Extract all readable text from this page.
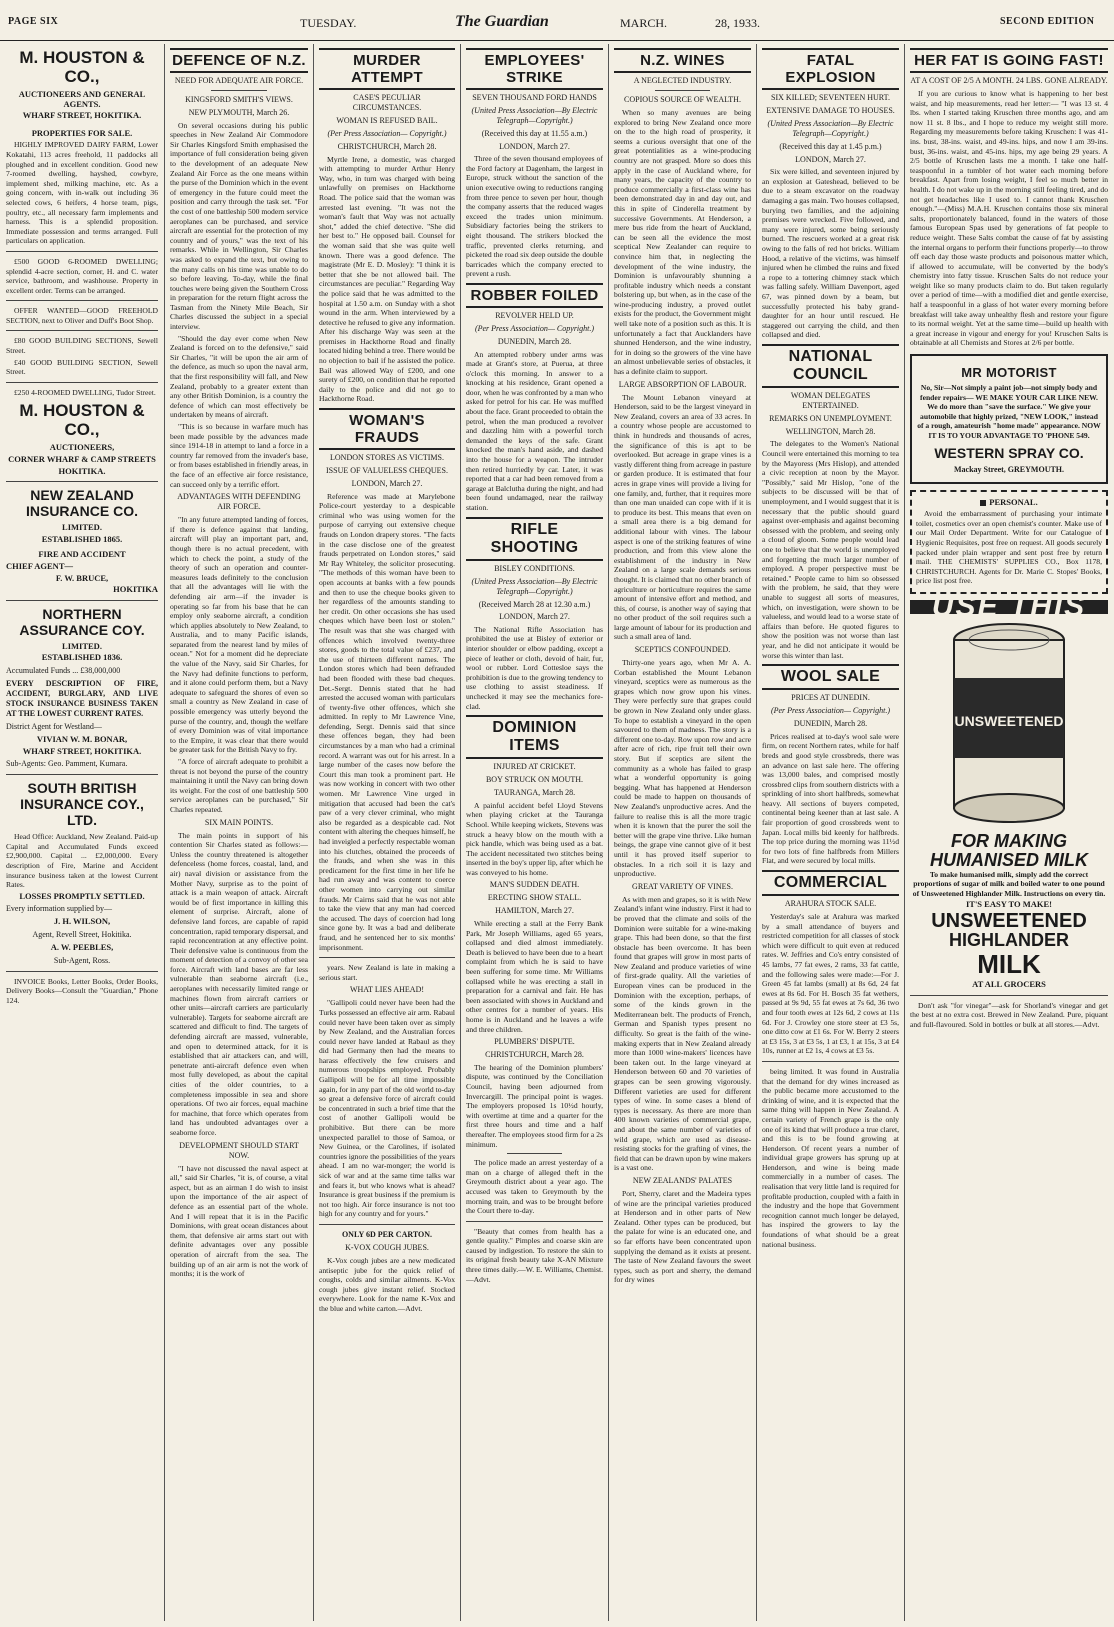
PAGE SIX	TUESDAY.	The Guardian	MARCH.	28, 1933.	SECOND EDITION
M. HOUSTON & CO.,
AUCTIONEERS AND GENERAL AGENTS.
WHARF STREET, HOKITIKA.
PROPERTIES FOR SALE.

HIGHLY IMPROVED DAIRY FARM, Lower Kokatahi, 113 acres freehold, 11 paddocks all ploughed and in excellent condition. Good new 7-roomed dwelling, hayshed, cowbyre, implement shed, milking machine, etc. As a going concern, with in-walk out including 36 selected cows, 6 heifers, 4 horse team, pigs, poultry, etc., all necessary farm implements and harness. This is a splendid proposition. Immediate possession and terms arranged. Full particulars on application.

£500 GOOD 6-ROOMED DWELLING; splendid 4-acre section, corner, H. and C. water service, bathroom, and washhouse. Property in excellent order. Terms can be arranged.

OFFER WANTED—GOOD FREEHOLD SECTION, next to Oliver and Duff's Boot Shop.

£80 GOOD BUILDING SECTIONS, Sewell Street.

£40 GOOD BUILDING SECTION, Sewell Street.

£250 4-ROOMED DWELLING, Tudor Street.

M. HOUSTON & CO.,
AUCTIONEERS,
CORNER WHARF & CAMP STREETS
HOKITIKA.
NEW ZEALAND INSURANCE CO.
LIMITED.
ESTABLISHED 1865.
FIRE AND ACCIDENT
CHIEF AGENT—
F. W. BRUCE,
HOKITIKA
NORTHERN ASSURANCE COY.
LIMITED.
ESTABLISHED 1836.
Accumulated Funds ... £38,000,000
EVERY DESCRIPTION OF FIRE, ACCIDENT, BURGLARY, AND LIVE STOCK INSURANCE BUSINESS TAKEN AT THE LOWEST CURRENT RATES.
District Agent for Westland—
VIVIAN W. M. BONAR,
WHARF STREET, HOKITIKA.
Sub-Agents: Geo. Pamment, Kumara.
SOUTH BRITISH INSURANCE COY., LTD.

Head Office: Auckland, New Zealand. Paid-up Capital and Accumulated Funds exceed £2,900,000. Capital ... £2,000,000. Every description of Fire, Marine and Accident insurance business taken at the lowest Current Rates.

LOSSES PROMPTLY SETTLED.
Every information supplied by—
J. H. WILSON,
Agent, Revell Street, Hokitika.
A. W. PEEBLES,
Sub-Agent, Ross.

INVOICE Books, Letter Books, Order Books, Delivery Books—Consult the "Guardian," Phone 124.

DEFENCE OF N.Z.
NEED FOR ADEQUATE AIR FORCE.
KINGSFORD SMITH'S VIEWS.
NEW PLYMOUTH, March 26.

On several occasions during his public speeches in New Zealand Air Commodore Sir Charles Kingsford Smith emphasised the importance of full consideration being given to the development of an adequate New Zealand Air Force as the one means within the purse of the Dominion which in the event of emergency in the future could meet the position and carry through the task set. "For the cost of one battleship 500 modern service aeroplanes can be purchased, and service aircraft are essential for the protection of my country and of yours," was the text of his remarks. While in Wellington, Sir Charles was asked to expand the text, but owing to the many calls on his time was unable to do so before leaving. To-day, while the final touches were being given the Southern Cross in preparation for the return flight across the Tasman from the Ninety Mile Beach, Sir Charles discussed the subject in a special interview.

"Should the day ever come when New Zealand is forced on to the defensive," said Sir Charles, "it will be upon the air arm of the defence, as much so upon the naval arm, that the first responsibility will fall, and New Zealand, probably to a greater extent than any other British Dominion, is a country the defence of which can most effectively be undertaken by means of aircraft.

"This is so because in warfare much has been made possible by the advances made since 1914-18 in attempt to land a force in a country far removed from the invader's base, or from bases established in friendly areas, in the face of an effective air force resistance, can succeed only by a terrific effort.

ADVANTAGES WITH DEFENDING AIR FORCE.

"In any future attempted landing of forces, if there is defence against that landing, aircraft will play an important part, and, though there is no actual precedent, with which to check the point, a study of the theory of such an operation and counter-measures leads definitely to the conclusion that all the advantages will lie with the defending air arm—if the invader is operating so far from his base that he can employ only seaborne aircraft, a condition which applies absolutely to New Zealand, to Australia, and to many Pacific islands, separated from the nearest land by miles of ocean." Not for a moment did he depreciate the value of the Navy, said Sir Charles, for the Navy had definite functions to perform, and it alone could perform them, but a Navy adequate to safeguard the shores of even so small a country as New Zealand in case of possible emergency was utterly beyond the purse of the country, and, though the welfare of every Dominion was of vital importance to the Empire, it was clear that there would be greater task for the British Navy to fry.

"A force of aircraft adequate to prohibit a threat is not beyond the purse of the country maintaining it until the Navy can bring down its weight. For the cost of one battleship 500 service aeroplanes can be purchased," Sir Charles repeated.

SIX MAIN POINTS.

The main points in support of his contention Sir Charles stated as follows:— Unless the country threatened is altogether defenceless (home forces, coastal, land, and air) naval division or assistance from the Mother Navy, surprise as to the point of attack is a main weapon of attack. Aircraft would be of first importance in killing this element of surprise. Aircraft, alone of defensive land forces, are capable of rapid concentration, rapid temporary dispersal, and rapid reconcentration at any effective point. Their defensive value is continuous from the moment of detection of a convoy of other sea force. Aircraft with land bases are far less vulnerable than seaborne aircraft (i.e., aeroplanes with necessarily limited range or machines flown from aircraft carriers or other units—aircraft carriers are particularly vulnerable). Targets for seaborne aircraft are scattered and difficult to find. The targets of defending aircraft are massed, vulnerable, and open to determined attack, for it is established that air attackers can, and will, penetrate anti-aircraft defence even when most fully developed, as about the capital cities of the older countries, to a completeness impossible in sea and shore operations. Of two air forces, equal machine for machine, that force which operates from land has undoubted advantages over a seaborne force.

DEVELOPMENT SHOULD START NOW.

"I have not discussed the naval aspect at all," said Sir Charles, "it is, of course, a vital aspect, but as an airman I do wish to insist upon the importance of the air aspect of defence as an essential part of the whole. And I will repeat that it is in the Pacific Dominions, with great ocean distances about them, that defensive air arms start out with definite advantages over any possible operation of aircraft from the sea. The building up of an air arm is not the work of months; it is the work of

MURDER ATTEMPT
CASE'S PECULIAR CIRCUMSTANCES.
WOMAN IS REFUSED BAIL.
(Per Press Association— Copyright.)
CHRISTCHURCH, March 28.

Myrtle Irene, a domestic, was charged with attempting to murder Arthur Henry Way, who, in turn was charged with being unlawfully on premises on Hackthorne Road. The police said that the woman was arrested last evening. "It was not the woman's fault that Way was not actually shot," added the chief detective. "She did her best to." He opposed bail. Counsel for the woman said that she was quite well known. There was a good defence. The magistrate (Mr E. D. Mosley): "I think it is better that she be not allowed bail. The circumstances are peculiar." Regarding Way the police said that he was admitted to the hospital at 1.50 a.m. on Sunday with a shot wound in the arm. When interviewed by a detective he refused to give any information. After his discharge Way was seen at the premises in Hackthorne Road and finally located hiding behind a tree. There would be no objection to bail if he assisted the police. Bail was allowed Way of £200, and one surety of £200, on condition that he reported daily to the police and did not go to Hackthorne Road.

WOMAN'S FRAUDS
LONDON STORES AS VICTIMS.
ISSUE OF VALUELESS CHEQUES.
LONDON, March 27.

Reference was made at Marylebone Police-court yesterday to a despicable criminal who was using women for the purpose of carrying out extensive cheque frauds on London drapery stores. "The facts in the case disclose one of the greatest frauds perpetrated on London stores," said Mr Ray Whiteley, the solicitor prosecuting. "The methods of this woman have been to open accounts at banks with a few pounds and then to use the cheque books given to her regardless of the amounts standing to her credit. On other occasions she has used cheques which have been lost or stolen." The result was that she was charged with offences which involved twenty-three stores, goods to the total value of £237, and the use of thirteen different names. The London stores which had been defrauded had been flooded with these bad cheques. Det.-Sergt. Dennis stated that he had arrested the accused woman with particulars of twenty-five other offences, which she admitted. In reply to Mr Lawrence Vine, defending, Sergt. Dennis said that since these offences began, they had been circumstances by a man who had a criminal record. A warrant was out for his arrest. In a large number of the cases now before the Court this man took a prominent part. He was now working in concert with two other women. Mr Lawrence Vine urged in mitigation that accused had been the cat's paw of a very clever criminal, who might also be regarded as a despicable cad. Not content with altering the cheques himself, he had inveigled a perfectly respectable woman into his clutches, obtained the proceeds of the frauds, and when she was in this predicament for the first time in her life he had run away and was content to coerce other women into carrying out similar frauds. Mr Cairns said that he was not able to take the view that any man had coerced the accused. The days of coercion had long since gone by. It was a bad and deliberate fraud, and he sentenced her to six months' imprisonment.

years. New Zealand is late in making a serious start.

WHAT LIES AHEAD!

"Gallipoli could never have been had the Turks possessed an effective air arm. Rabaul could never have been taken over as simply by New Zealand, and the Australian forces could never have landed at Rabaul as they did had Germany then had the means to harass effectively the few cruisers and numerous troopships employed. Probably Gallipoli will be for all time impossible again, for in any part of the old world to-day so great a defensive force of aircraft could be concentrated in such a brief time that the cost of another Gallipoli would be prohibitive. But there can be more unexpected parallel to those of Samoa, or New Guinea, or the Carolines, if isolated countries ignore the possibilities of the years ahead. I am no war-monger; the world is sick of war and at the same time talks war and fears it, but who knows what is ahead? Insurance is great business if the premium is not too high. Air force insurance is not too high for any country and for yours."

ONLY 6D PER CARTON.
K-VOX COUGH JUBES.

K-Vox cough jubes are a new medicated antiseptic jube for the quick relief of coughs, colds and similar ailments. K-Vox cough jubes give instant relief. Stocked everywhere. Look for the name K-Vox and the blue and white carton.—Advt.

EMPLOYEES' STRIKE
SEVEN THOUSAND FORD HANDS
(United Press Association—By Electric Telegraph—Copyright.)
(Received this day at 11.55 a.m.)
LONDON, March 27.

Three of the seven thousand employees of the Ford factory at Dagenham, the largest in Europe, struck without the sanction of the union executive owing to reductions ranging from three pence to seven per hour, though the company asserts that the reduced wages exceed the trades union minimum. Subsidiary factories being the strikers to eight thousand. The strikers blocked the traffic, prevented clerks returning, and picketed the road six deep outside the double barricades which the company erected to prevent a rush.

ROBBER FOILED
REVOLVER HELD UP.
(Per Press Association— Copyright.)
DUNEDIN, March 28.

An attempted robbery under arms was made at Grant's store, at Puerua, at three o'clock this morning. In answer to a knocking at his residence, Grant opened a door, when he was confronted by a man who asked for petrol for his car. He was muffled about the face. Grant proceeded to obtain the petrol, when the man produced a revolver and dazzling him with a powerful torch demanded the keys of the safe. Grant knocked the man's hand aside, and dashed into the house for a weapon. The intruder then retired hurriedly by car. Later, it was reported that a car had been removed from a garage at Balclutha during the night, and had been found undamaged, near the railway station.

RIFLE SHOOTING
BISLEY CONDITIONS.
(United Press Association—By Electric Telegraph—Copyright.)
(Received March 28 at 12.30 a.m.)
LONDON, March 27.

The National Rifle Association has prohibited the use at Bisley of exterior or interior shoulder or elbow padding, except a piece of leather or cloth, devoid of hair, fur, wool or rubber. Lord Cottesloe says the prohibition is due to the growing tendency to use clothing to assist steadiness. If unchecked it may see the mechanics fore-clad.

DOMINION ITEMS
INJURED AT CRICKET.
BOY STRUCK ON MOUTH.
TAURANGA, March 28.

A painful accident befel Lloyd Stevens when playing cricket at the Tauranga School. While keeping wickets, Stevens was struck a heavy blow on the mouth with a pick handle, which was being used as a bat. The accident necessitated two stitches being inserted in the boy's upper lip, after which he was conveyed to his home.

MAN'S SUDDEN DEATH.
ERECTING SHOW STALL.
HAMILTON, March 27.

While erecting a stall at the Ferry Bank Park, Mr Joseph Williams, aged 65 years, collapsed and died almost immediately. Death is believed to have been due to a heart complaint from which he is said to have been suffering for some time. Mr Williams collapsed while he was erecting a stall in preparation for a carnival and fair. He has been associated with shows in Auckland and other centres for a number of years. His home is in Auckland and he leaves a wife and three children.

PLUMBERS' DISPUTE.
CHRISTCHURCH, March 28.

The hearing of the Dominion plumbers' dispute, was continued by the Conciliation Council, having been adjourned from Invercargill. The principal point is wages. The employers proposed 1s 10½d hourly, with overtime at time and a quarter for the first three hours and time and a half thereafter. The employees stood firm for a 2s minimum.

The police made an arrest yesterday of a man on a charge of alleged theft in the Greymouth district about a year ago. The accused was taken to Greymouth by the morning train, and was to be brought before the Court there to-day.

"Beauty that comes from health has a gentle quality." Pimples and coarse skin are caused by indigestion. To restore the skin to its original fresh beauty take X-AN Mixture three times daily.—W. E. Williams, Chemist.—Advt.

N.Z. WINES
A NEGLECTED INDUSTRY.
COPIOUS SOURCE OF WEALTH.

When so many avenues are being explored to bring New Zealand once more on the to the high road of prosperity, it seems a curious oversight that one of the great potentialities as a wine-producing country are not grasped. More so does this apply in the case of Auckland where, for many years, the capacity of the country to produce commercially a first-class wine has been demonstrated day in and day out, and this in spite of Cinderella treatment by successive Governments. At Henderson, a mere bus ride from the heart of Auckland, can be seen all the evidence the most sceptical New Zealander can require to convince him that, in neglecting the development of the wine industry, the Dominion is unfavourably shunning a profitable industry which needs a constant bolstering up, but when, as in the case of the wine-producing industry, a proved outlet exists for the product, the Government might well take note of a position such as this. It is unfortunately a fact that Aucklanders have shunned Henderson, and the wine industry, for in doing so the growers of the vine have an almost unbelievable series of obstacles, it has a definite claim to support.

LARGE ABSORPTION OF LABOUR.

The Mount Lebanon vineyard at Henderson, said to be the largest vineyard in New Zealand, covers an area of 33 acres. In a country whose people are accustomed to think in hundreds and thousands of acres, the significance of this is apt to be overlooked. But acreage in grape vines is a vastly different thing from acreage in pasture or garden produce. It is estimated that four acres in grape vines will provide a living for one family, and, further, that it requires more than one man unaided can cope with if it is to produce its best. This means that even on a small area there is a big demand for additional labour with vines. The labour aspect is one of the striking features of wine production, and from this view alone the establishment of the industry in New Zealand on a large scale demands serious thought. It is claimed that no other branch of agriculture or horticulture requires the same amount of intensive effort and method, and this, of course, is another way of saying that no other product of the soil requires such a large amount of labour for its production and such a small area of land.

SCEPTICS CONFOUNDED.

Thirty-one years ago, when Mr A. A. Corban established the Mount Lebanon vineyard, sceptics were as numerous as the grapes which now grow upon his vines. They were perfectly sure that grapes could be grown in New Zealand only under glass. To hope to establish a vineyard in the open savoured to them of madness. The story is a different one to-day. Row upon row and acre after acre of rich, ripe fruit tell their own story. But if sceptics are silent the community as a whole has failed to grasp what a wonderful opportunity is going begging. What has happened at Henderson could be made to happen on thousands of New Zealand's unproductive acres. And the failure to realise this is all the more tragic when it is known that the purer the soil the better will the grape vine thrive. Like human beings, the grape vine cannot give of it best until it has proved itself superior to obstacles. In a rich soil it is lazy and unproductive.

GREAT VARIETY OF VINES.

As with men and grapes, so it is with New Zealand's infant wine industry. First it had to be proved that the climate and soils of the Dominion were suitable for a wine-making grape. This had been done, so that the first obstacle has been overcome. It has been found that grapes will grow in most parts of New Zealand and produce varieties of wine of first-grade quality. All the varieties of European vines can be produced in the Dominion with the exception, perhaps, of some of the kinds grown in the Mediterranean belt. The products of French, German and Spanish types present no difficulty. So great is the faith of the wine-making experts that in New Zealand already more than 1000 wine-makers' licences have been taken out. In the large vineyard at Henderson between 60 and 70 varieties of grapes can be seen growing vigorously. Different varieties are used for different types of wine. In some cases a blend of types is necessary. As there are more than 400 known varieties of commercial grape, and about the same number of varieties of wild grape, which are used as disease-resisting stocks for the grafting of vines, the field that can be drawn upon by wine makers is a vast one.

NEW ZEALANDS' PALATES

Port, Sherry, claret and the Madeira types of wine are the principal varieties produced at Henderson and in other parts of New Zealand. Other types can be produced, but the palate for wine is an educated one, and so far efforts have been concentrated upon supplying the demand as it exists at present. The taste of New Zealand favours the sweet types, such as port and sherry, the demand for dry wines

FATAL EXPLOSION
SIX KILLED; SEVENTEEN HURT.
EXTENSIVE DAMAGE TO HOUSES.
(United Press Association—By Electric Telegraph—Copyright.)
(Received this day at 1.45 p.m.)
LONDON, March 27.

Six were killed, and seventeen injured by an explosion at Gateshead, believed to be due to a steam excavator on the roadway damaging a gas main. Two houses collapsed, burying two families, and the adjoining premises were wrecked. Five followed, and many were injured, some being seriously burned. The rescuers worked at a great risk owing to the falls of red hot bricks. William Hood, a relative of the victims, was himself injured when he climbed the ruins and fixed a rope to a tottering chimney stack which was falling safely. William Davenport, aged 67, was pinned down by a beam, but successfully protected his baby grand-daughter for an hour until rescued. He staggered out carrying the child, and then collapsed and died.

NATIONAL COUNCIL
WOMAN DELEGATES ENTERTAINED.
REMARKS ON UNEMPLOYMENT.
WELLINGTON, March 28.

The delegates to the Women's National Council were entertained this morning to tea by the Mayoress (Mrs Hislop), and attended a civic reception at noon by the Mayor. "Possibly," said Mr Hislop, "one of the subjects to be discussed will be that of unemployment, and I would suggest that it is necessary that the public should guard against over-emphasis and against becoming obsessed with the problem, and seeing only a cloud of gloom. Some people would lead one to believe that the world is unemployed and forgetting the much larger number of employed. A proper perspective must be retained." People came to him so obsessed with the problem, he said, that they were unable to suggest all sorts of measures, which, on investigation, were shown to be valueless, and would lead to a worse state of affairs than before. He quoted figures to show the position was not worse than last year, and he did not anticipate it would be worse this winter than last.

WOOL SALE
PRICES AT DUNEDIN.
(Per Press Association— Copyright.)
DUNEDIN, March 28.

Prices realised at to-day's wool sale were firm, on recent Northern rates, while for half breds and good style crossbreds, there was an advance on last sale here. The offering was 13,000 bales, and comprised mostly crossbred clips from southern districts with a sprinkling of into short halfbreds, somewhat heavy. All sections of buyers competed, continental being keener than at last sale. A fair proportion of good crossbreds went to Japan. Local mills bid keenly for halfbreds. The top price during the morning was 11½d for two lots of fine halfbreds from Millers Flat, and were secured by local mills.

COMMERCIAL
ARAHURA STOCK SALE.

Yesterday's sale at Arahura was marked by a small attendance of buyers and restricted competition for all classes of stock which were difficult to quit even at reduced rates. W. Jeffries and Co's entry consisted of 45 lambs, 77 fat ewes, 2 rams, 33 fat cattle, and the following sales were made:—For J. Green 45 fat lambs (small) at 8s 6d, 24 fat ewes at 8s 6d. For H. Bosch 35 fat wethers, passed at 9s 9d, 55 fat ewes at 7s 6d, 36 two and four tooth ewes at 12s 6d, 2 cows at 11s 6d. For J. Crowley one store steer at £3 5s, one ditto cow at £1 6s. For W. Berry 2 steers at £3 15s, 3 at £3 5s, 1 at £3, 1 at 15s, 3 at £4 10s, runner at £2 1s, 4 cows at £3 5s.

being limited. It was found in Australia that the demand for dry wines increased as the public became more accustomed to the drinking of wine, and it is expected that the same thing will happen in New Zealand. A certain variety of French grape is the only one of its kind that will produce a true claret, and this is to be found growing at Henderson. Of recent years a number of individual grape growers has sprung up at Henderson, and wine is being made commercially in a number of cases. The realisation that very little land is required for profitable production, coupled with a faith in the industry and the hope that Government recognition cannot much longer be delayed, has inspired the growers to lay the foundations of what should be a great national business.

HER FAT IS GOING FAST!
AT A COST OF 2/5 A MONTH. 24 LBS. GONE ALREADY.

If you are curious to know what is happening to her best waist, and hip measurements, read her letter:— "I was 13 st. 4 lbs. when I started taking Kruschen three months ago, and am now 11 st. 8 lbs., and I hope to reduce my weight still more. Regarding my measurements before taking Kruschen: I was 41-ins. bust, 38-ins. waist, and 49-ins. hips, and now I am 39-ins. bust, 36-ins. waist, and 45-ins. hips, my age being 29 years. A 2/5 bottle of Kruschen lasts me a month. I take one half-teaspoonful in a tumbler of hot water each morning before breakfast. Apart from losing weight, I feel so much better in health. I do not wake up in the morning still feeling tired, and do not get headaches like I used to. I cannot thank Kruschen enough."—(Miss) M.A.H. Kruschen contains those six mineral salts, proportionately balanced, found in the waters of those famous European Spas used by generations of fat people to reduce weight. These Salts combat the cause of fat by assisting the internal organs to perform their functions properly—to throw off each day those waste products and poisonous matter which, if allowed to accumulate, will be converted by the body's chemistry into fatty tissue. Kruschen Salts do not reduce your weight like so many products claim to do. But taken regularly over a period of time—with a modified diet and gentle exercise, half a teaspoonful in a glass of hot water every morning before breakfast will take away unhealthy flesh and restore your figure to its normal weight. Yet at the same time—build up health with a great increase in vigour and energy for you! Kruschen Salts is obtainable at all Chemists and Stores at 2/6 per bottle.

MR MOTORIST

No, Sir—Not simply a paint job—not simply body and fender repairs— WE MAKE YOUR CAR LIKE NEW. We do more than "save the surface." We give your automobile that highly prized, "NEW LOOK," instead of a rough, amateurish "home made" appearance. NOW IT IS TO YOUR ADVANTAGE TO 'PHONE 549.

WESTERN SPRAY CO.
Mackay Street, GREYMOUTH.
PERSONAL.

Avoid the embarrassment of purchasing your intimate toilet, cosmetics over an open chemist's counter. Make use of our Mail Order Department. Write for our Catalogue of Hygienic Requisites, post free on request. All goods securely packed under plain wrapper and sent post free by return mail. THE CHEMISTS' SUPPLIES CO., Box 1178, CHRISTCHURCH. Agents for Dr. Marie C. Stopes' Books, price list post free.

USE THIS
UNSWEETENED
FOR MAKING HUMANISED MILK

To make humanised milk, simply add the correct proportions of sugar of milk and boiled water to one pound of Unsweetened Highlander Milk. Instructions on every tin.

IT'S EASY TO MAKE!
UNSWEETENED
HIGHLANDER
MILK
AT ALL GROCERS

Don't ask "for vinegar"—ask for Shorland's vinegar and get the best at no extra cost. Brewed in New Zealand. Pure, piquant and full-flavoured. Sold in bottles or bulk at all stores.—Advt.
